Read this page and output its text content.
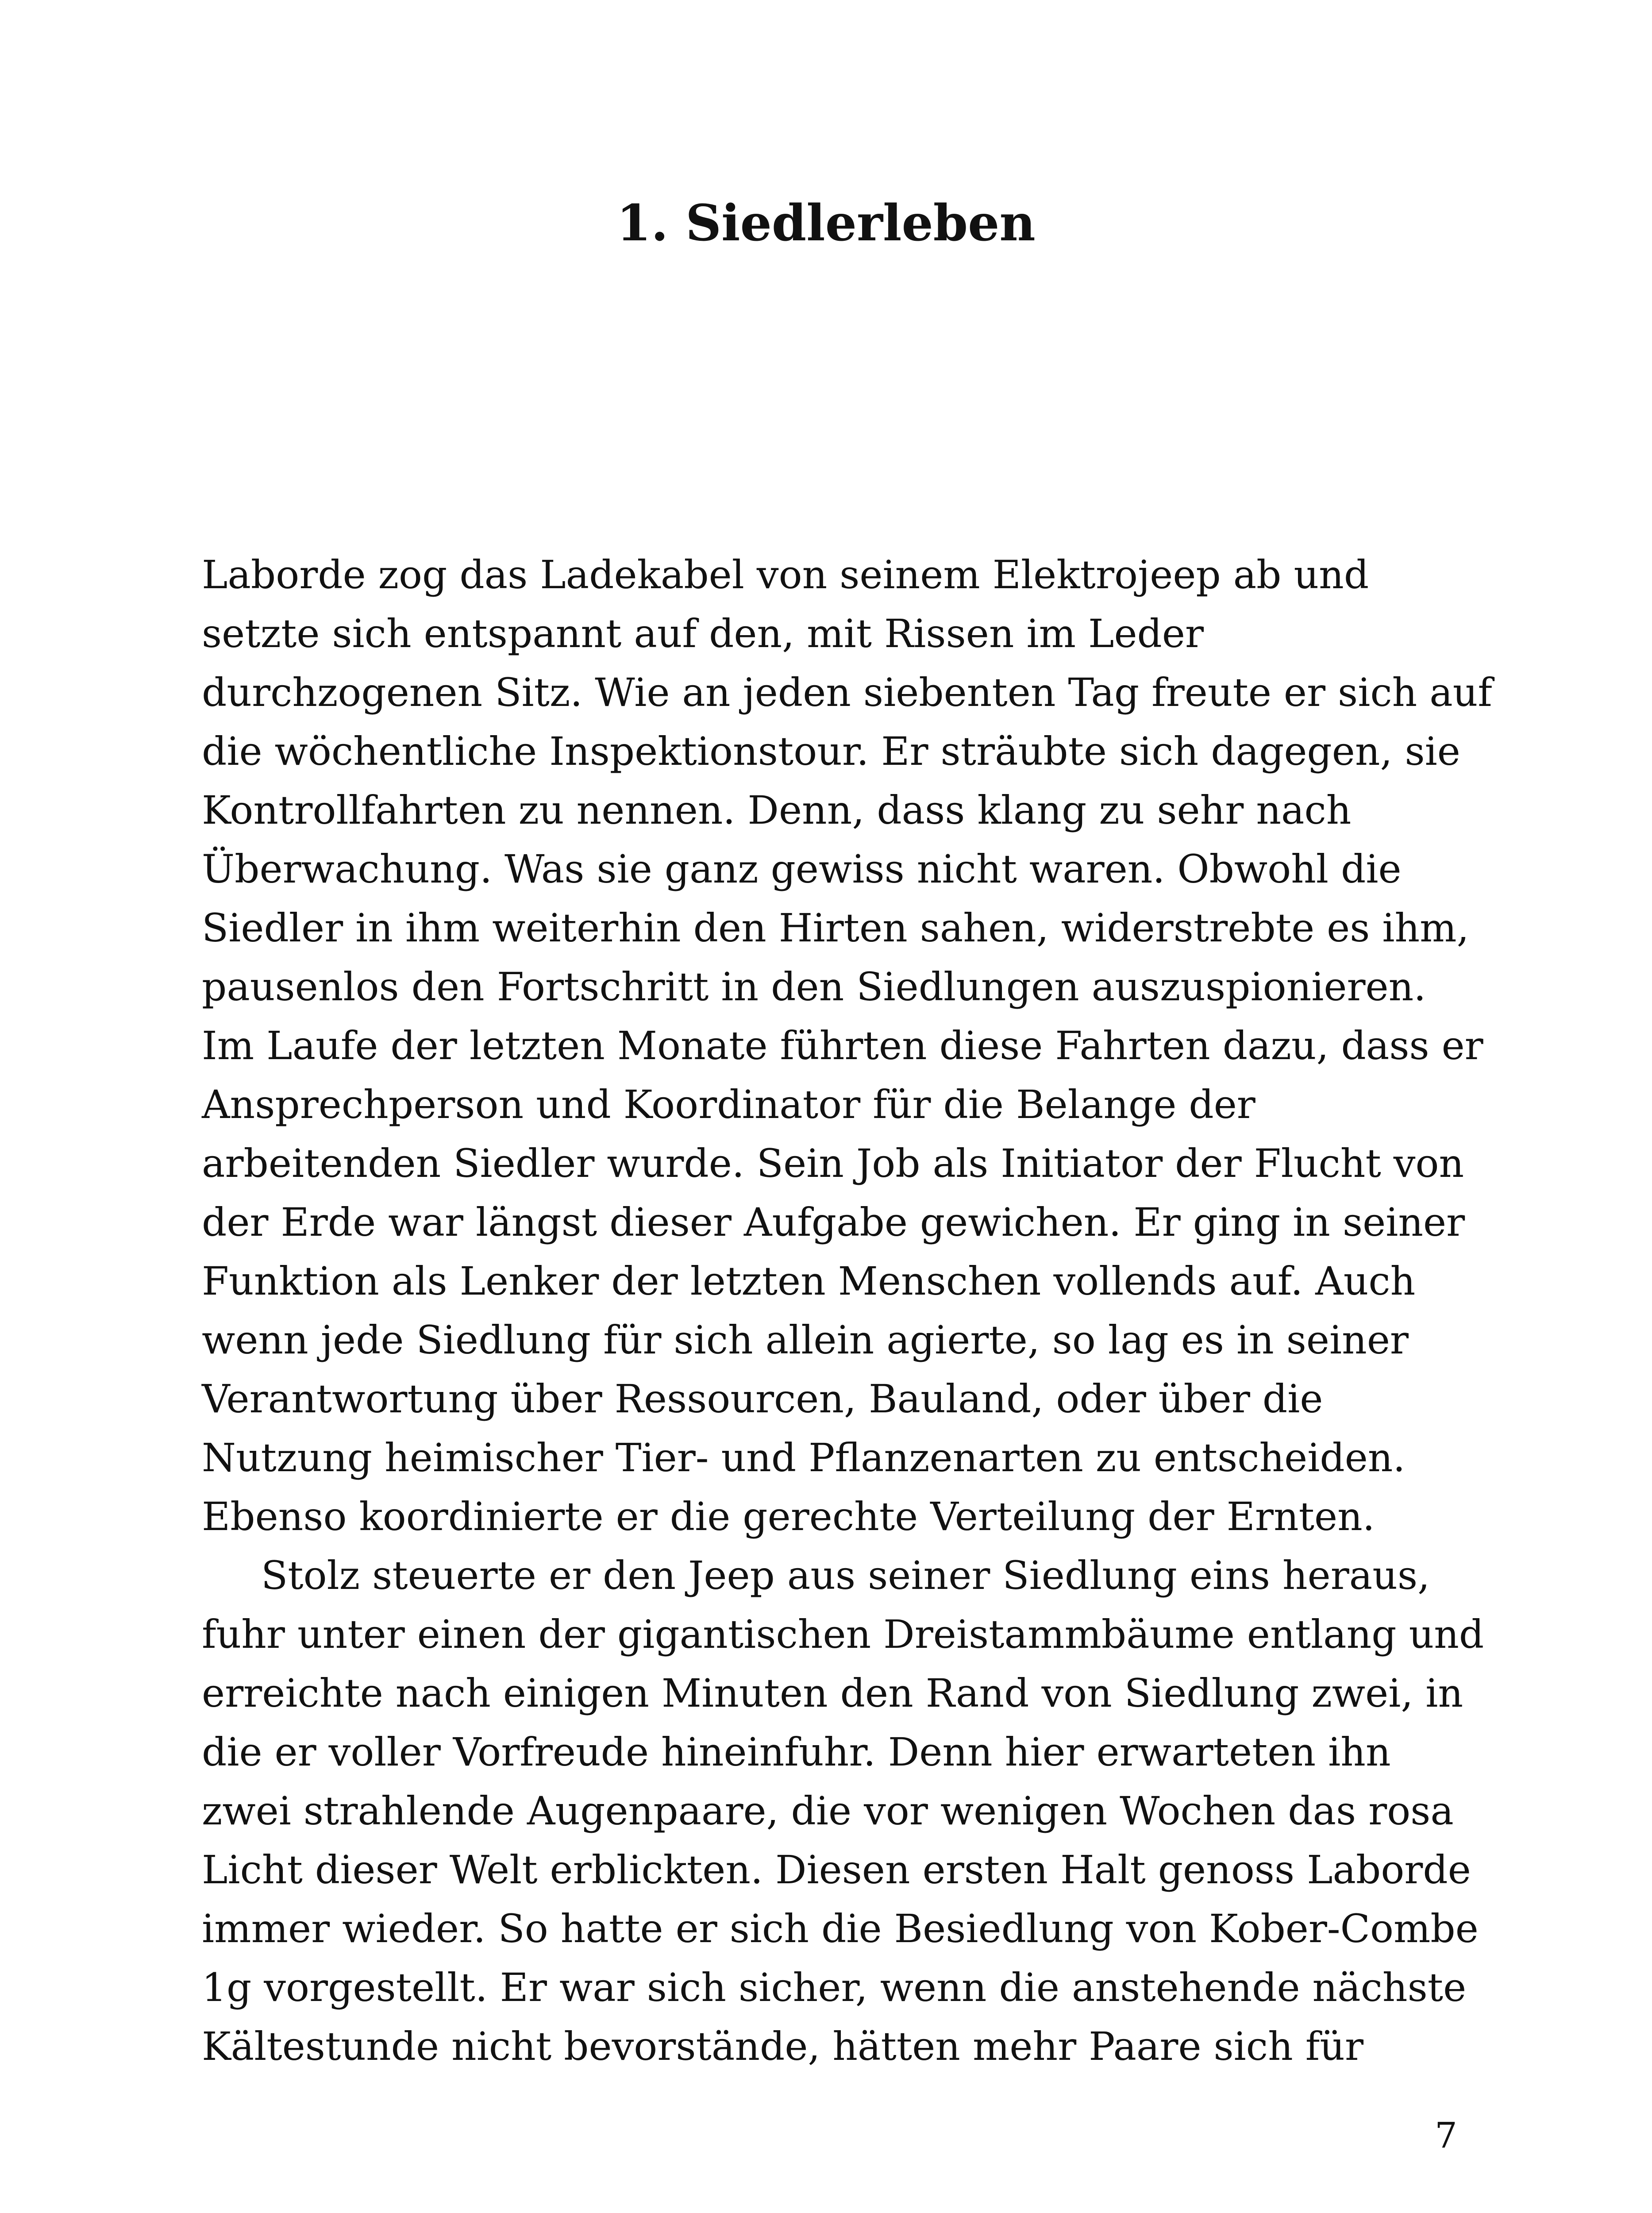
1. Siedlerleben
Laborde zog das Ladekabel von seinem Elektrojeep ab und
setzte sich entspannt auf den, mit Rissen im Leder
durchzogenen Sitz. Wie an jeden siebenten Tag freute er sich auf
die wöchentliche Inspektionstour. Er sträubte sich dagegen, sie
Kontrollfahrten zu nennen. Denn, dass klang zu sehr nach
Überwachung. Was sie ganz gewiss nicht waren. Obwohl die
Siedler in ihm weiterhin den Hirten sahen, widerstrebte es ihm,
pausenlos den Fortschritt in den Siedlungen auszuspionieren.
Im Laufe der letzten Monate führten diese Fahrten dazu, dass er
Ansprechperson und Koordinator für die Belange der
arbeitenden Siedler wurde. Sein Job als Initiator der Flucht von
der Erde war längst dieser Aufgabe gewichen. Er ging in seiner
Funktion als Lenker der letzten Menschen vollends auf. Auch
wenn jede Siedlung für sich allein agierte, so lag es in seiner
Verantwortung über Ressourcen, Bauland, oder über die
Nutzung heimischer Tier- und Pflanzenarten zu entscheiden.
Ebenso koordinierte er die gerechte Verteilung der Ernten.
Stolz steuerte er den Jeep aus seiner Siedlung eins heraus,
fuhr unter einen der gigantischen Dreistammbäume entlang und
erreichte nach einigen Minuten den Rand von Siedlung zwei, in
die er voller Vorfreude hineinfuhr. Denn hier erwarteten ihn
zwei strahlende Augenpaare, die vor wenigen Wochen das rosa
Licht dieser Welt erblickten. Diesen ersten Halt genoss Laborde
immer wieder. So hatte er sich die Besiedlung von Kober-Combe
1g vorgestellt. Er war sich sicher, wenn die anstehende nächste
Kältestunde nicht bevorstände, hätten mehr Paare sich für
7
